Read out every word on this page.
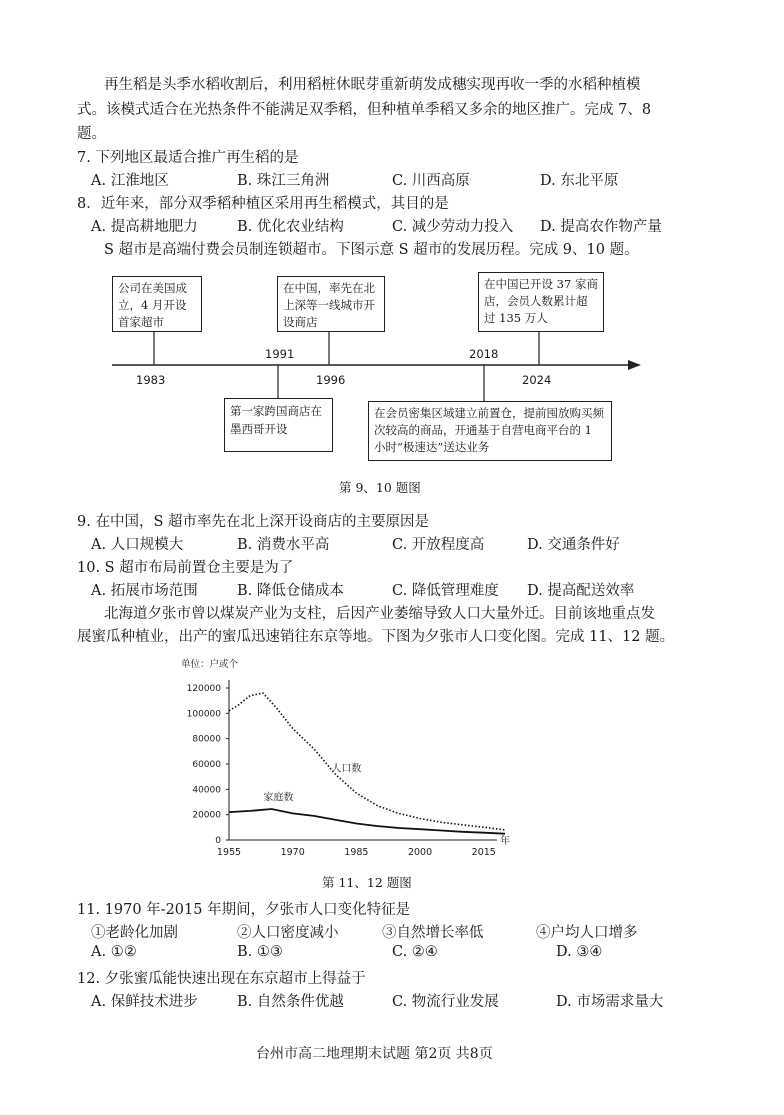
再生稻是头季水稻收割后，利用稻桩休眠芽重新萌发成穗实现再收一季的水稻种植模
式。该模式适合在光热条件不能满足双季稻，但种植单季稻又多余的地区推广。完成 7、8
题。
7. 下列地区最适合推广再生稻的是
A. 江淮地区	B. 珠江三角洲	C. 川西高原	D. 东北平原
8．近年来，部分双季稻种植区采用再生稻模式，其目的是
A. 提高耕地肥力	B. 优化农业结构	C. 减少劳动力投入 D. 提高农作物产量
S 超市是高端付费会员制连锁超市。下图示意 S 超市的发展历程。完成 9、10 题。
公司在美国成立，4 月开设首家超市
在中国，率先在北上深等一线城市开设商店
在中国已开设 37 家商店，会员人数累计超过 135 万人
第一家跨国商店在墨西哥开设
在会员密集区域建立前置仓，提前囤放购买频次较高的商品，开通基于自营电商平台的 1 小时“极速达”送达业务
1983
1991
1996
2018
2024
第 9、10 题图
9. 在中国，S 超市率先在北上深开设商店的主要原因是
A. 人口规模大	B. 消费水平高	C. 开放程度高	D. 交通条件好
10. S 超市布局前置仓主要是为了
A. 拓展市场范围	B. 降低仓储成本	C. 降低管理难度 D. 提高配送效率
北海道夕张市曾以煤炭产业为支柱，后因产业萎缩导致人口大量外迁。目前该地重点发
展蜜瓜种植业，出产的蜜瓜迅速销往东京等地。下图为夕张市人口变化图。完成 11、12 题。
单位：户或个
0
20000
40000
60000
80000
100000
120000
1955	1970	1985	2000	2015
年
人口数
家庭数
第 11、12 题图
11. 1970 年-2015 年期间，夕张市人口变化特征是
①老龄化加剧	②人口密度减小	③自然增长率低	④户均人口增多
A. ①②	B. ①③	C. ②④	D. ③④
12. 夕张蜜瓜能快速出现在东京超市上得益于
A. 保鲜技术进步	B. 自然条件优越	C. 物流行业发展	D. 市场需求量大
台州市高二地理期末试题 第2页 共8页
